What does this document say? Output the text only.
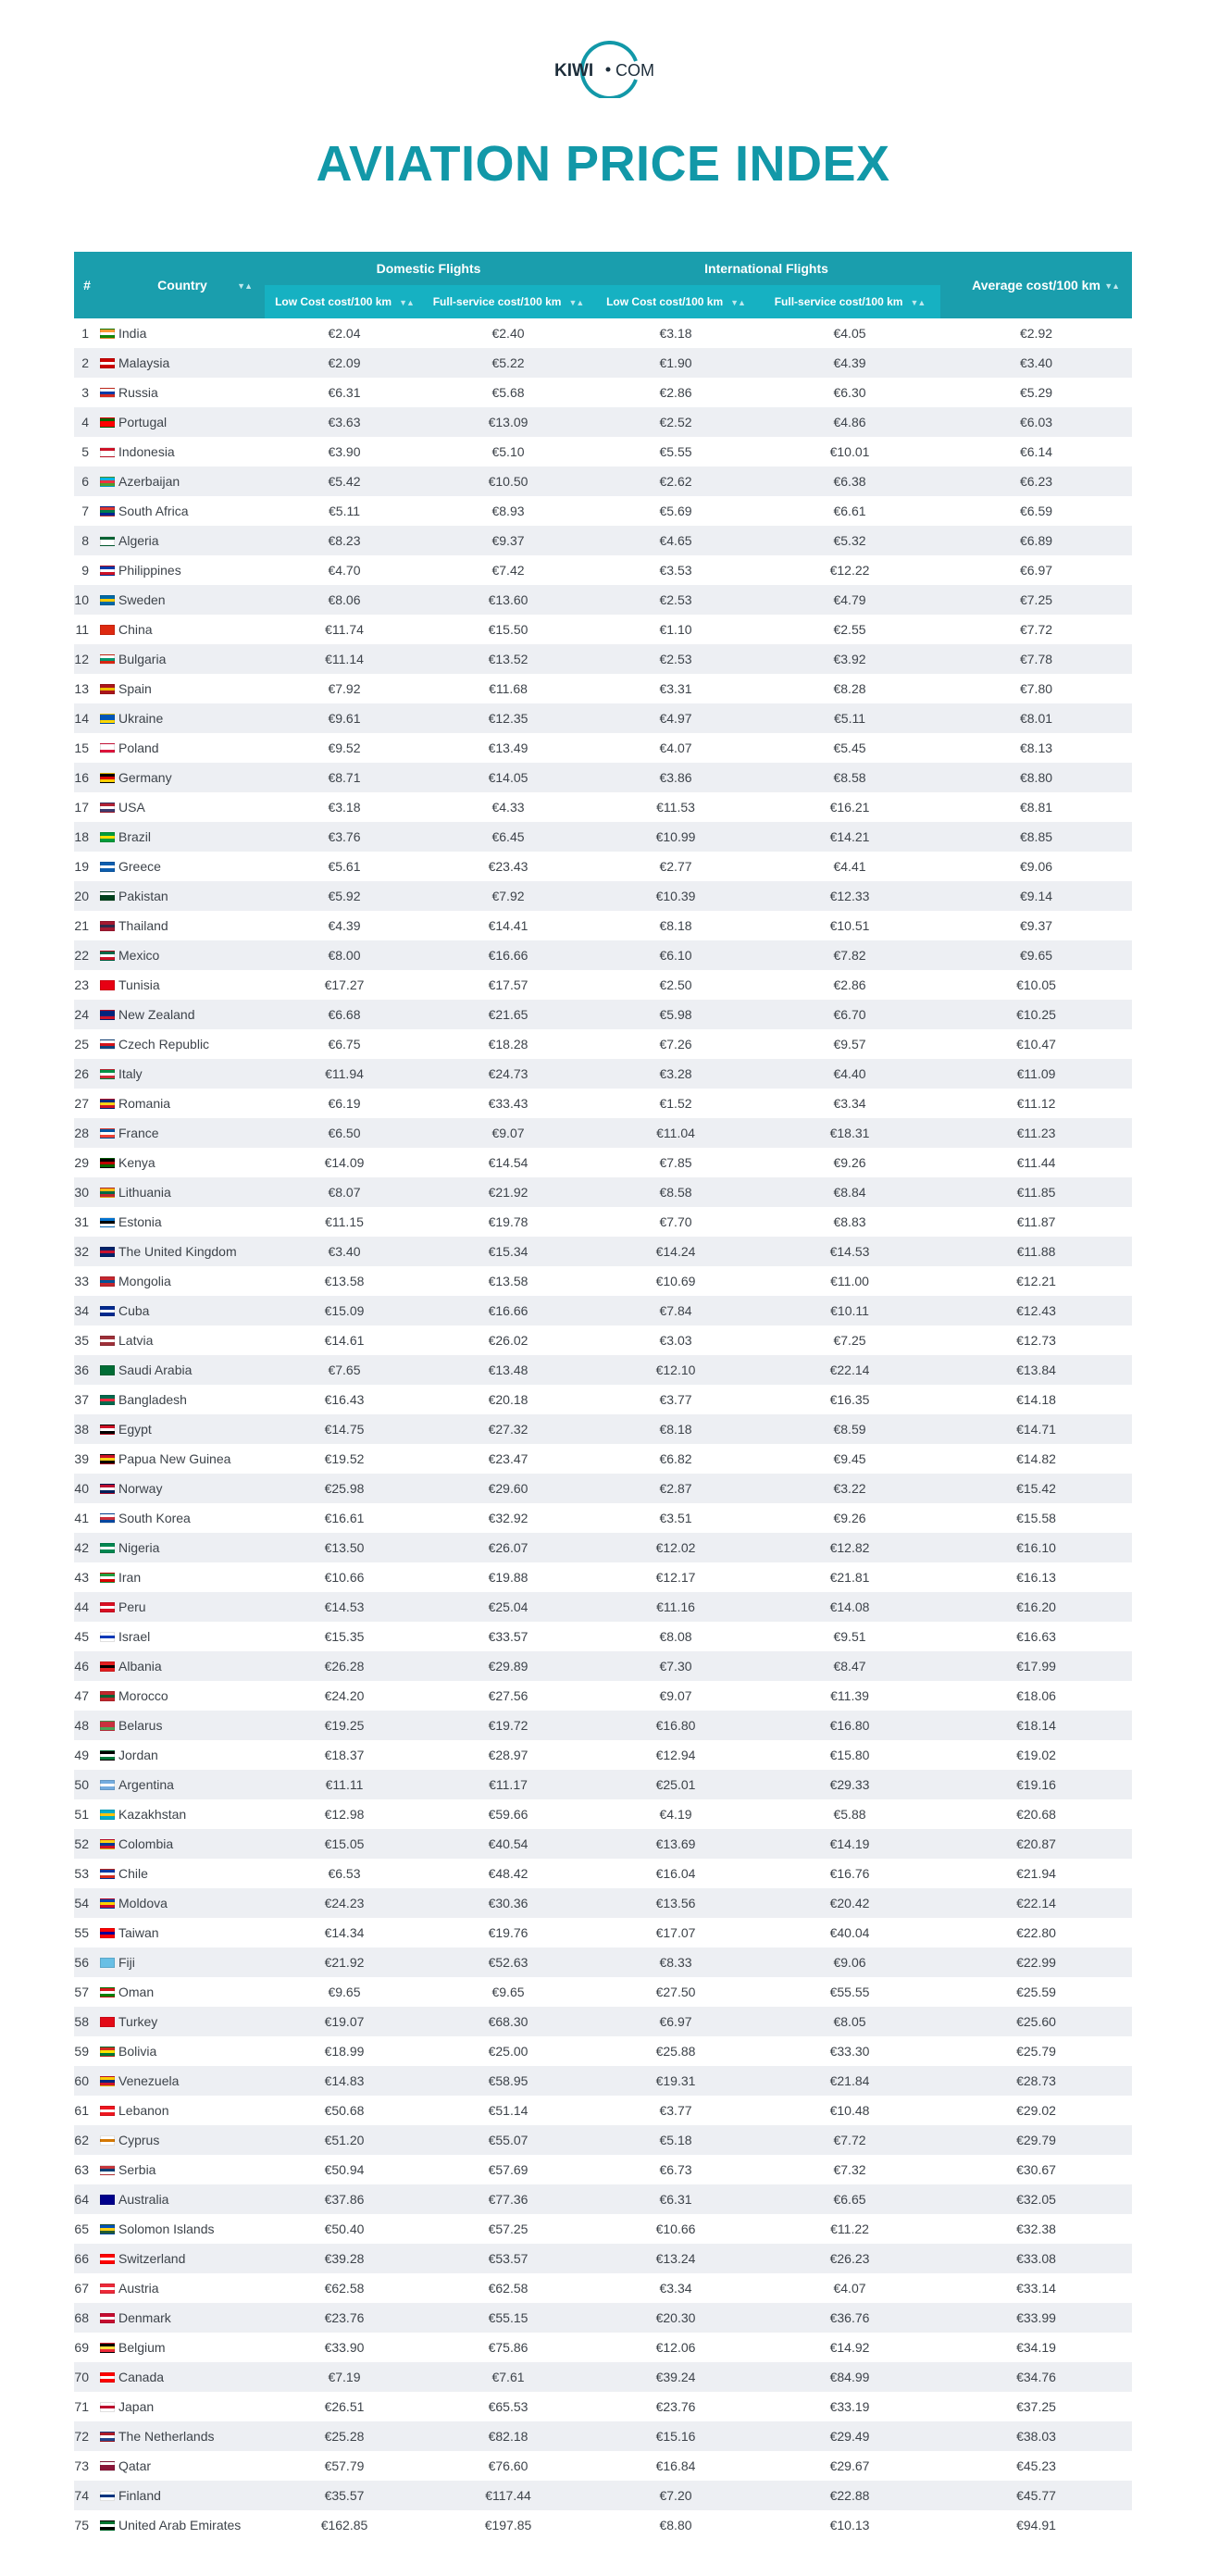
KIWI COM
AVIATION PRICE INDEX
#	Country ▼▲	Domestic Flights		International Flights		Average cost/100 km ▼▲

		Low Cost cost/100 km ▼▲	Full-service cost/100 km ▼▲	Low Cost cost/100 km ▼▲	Full-service cost/100 km ▼▲	
1	India	€2.04	€2.40	€3.18	€4.05	€2.92
2	Malaysia	€2.09	€5.22	€1.90	€4.39	€3.40
3	Russia	€6.31	€5.68	€2.86	€6.30	€5.29
4	Portugal	€3.63	€13.09	€2.52	€4.86	€6.03
5	Indonesia	€3.90	€5.10	€5.55	€10.01	€6.14
6	Azerbaijan	€5.42	€10.50	€2.62	€6.38	€6.23
7	South Africa	€5.11	€8.93	€5.69	€6.61	€6.59
8	Algeria	€8.23	€9.37	€4.65	€5.32	€6.89
9	Philippines	€4.70	€7.42	€3.53	€12.22	€6.97
10	Sweden	€8.06	€13.60	€2.53	€4.79	€7.25
11	China	€11.74	€15.50	€1.10	€2.55	€7.72
12	Bulgaria	€11.14	€13.52	€2.53	€3.92	€7.78
13	Spain	€7.92	€11.68	€3.31	€8.28	€7.80
14	Ukraine	€9.61	€12.35	€4.97	€5.11	€8.01
15	Poland	€9.52	€13.49	€4.07	€5.45	€8.13
16	Germany	€8.71	€14.05	€3.86	€8.58	€8.80
17	USA	€3.18	€4.33	€11.53	€16.21	€8.81
18	Brazil	€3.76	€6.45	€10.99	€14.21	€8.85
19	Greece	€5.61	€23.43	€2.77	€4.41	€9.06
20	Pakistan	€5.92	€7.92	€10.39	€12.33	€9.14
21	Thailand	€4.39	€14.41	€8.18	€10.51	€9.37
22	Mexico	€8.00	€16.66	€6.10	€7.82	€9.65
23	Tunisia	€17.27	€17.57	€2.50	€2.86	€10.05
24	New Zealand	€6.68	€21.65	€5.98	€6.70	€10.25
25	Czech Republic	€6.75	€18.28	€7.26	€9.57	€10.47
26	Italy	€11.94	€24.73	€3.28	€4.40	€11.09
27	Romania	€6.19	€33.43	€1.52	€3.34	€11.12
28	France	€6.50	€9.07	€11.04	€18.31	€11.23
29	Kenya	€14.09	€14.54	€7.85	€9.26	€11.44
30	Lithuania	€8.07	€21.92	€8.58	€8.84	€11.85
31	Estonia	€11.15	€19.78	€7.70	€8.83	€11.87
32	The United Kingdom	€3.40	€15.34	€14.24	€14.53	€11.88
33	Mongolia	€13.58	€13.58	€10.69	€11.00	€12.21
34	Cuba	€15.09	€16.66	€7.84	€10.11	€12.43
35	Latvia	€14.61	€26.02	€3.03	€7.25	€12.73
36	Saudi Arabia	€7.65	€13.48	€12.10	€22.14	€13.84
37	Bangladesh	€16.43	€20.18	€3.77	€16.35	€14.18
38	Egypt	€14.75	€27.32	€8.18	€8.59	€14.71
39	Papua New Guinea	€19.52	€23.47	€6.82	€9.45	€14.82
40	Norway	€25.98	€29.60	€2.87	€3.22	€15.42
41	South Korea	€16.61	€32.92	€3.51	€9.26	€15.58
42	Nigeria	€13.50	€26.07	€12.02	€12.82	€16.10
43	Iran	€10.66	€19.88	€12.17	€21.81	€16.13
44	Peru	€14.53	€25.04	€11.16	€14.08	€16.20
45	Israel	€15.35	€33.57	€8.08	€9.51	€16.63
46	Albania	€26.28	€29.89	€7.30	€8.47	€17.99
47	Morocco	€24.20	€27.56	€9.07	€11.39	€18.06
48	Belarus	€19.25	€19.72	€16.80	€16.80	€18.14
49	Jordan	€18.37	€28.97	€12.94	€15.80	€19.02
50	Argentina	€11.11	€11.17	€25.01	€29.33	€19.16
51	Kazakhstan	€12.98	€59.66	€4.19	€5.88	€20.68
52	Colombia	€15.05	€40.54	€13.69	€14.19	€20.87
53	Chile	€6.53	€48.42	€16.04	€16.76	€21.94
54	Moldova	€24.23	€30.36	€13.56	€20.42	€22.14
55	Taiwan	€14.34	€19.76	€17.07	€40.04	€22.80
56	Fiji	€21.92	€52.63	€8.33	€9.06	€22.99
57	Oman	€9.65	€9.65	€27.50	€55.55	€25.59
58	Turkey	€19.07	€68.30	€6.97	€8.05	€25.60
59	Bolivia	€18.99	€25.00	€25.88	€33.30	€25.79
60	Venezuela	€14.83	€58.95	€19.31	€21.84	€28.73
61	Lebanon	€50.68	€51.14	€3.77	€10.48	€29.02
62	Cyprus	€51.20	€55.07	€5.18	€7.72	€29.79
63	Serbia	€50.94	€57.69	€6.73	€7.32	€30.67
64	Australia	€37.86	€77.36	€6.31	€6.65	€32.05
65	Solomon Islands	€50.40	€57.25	€10.66	€11.22	€32.38
66	Switzerland	€39.28	€53.57	€13.24	€26.23	€33.08
67	Austria	€62.58	€62.58	€3.34	€4.07	€33.14
68	Denmark	€23.76	€55.15	€20.30	€36.76	€33.99
69	Belgium	€33.90	€75.86	€12.06	€14.92	€34.19
70	Canada	€7.19	€7.61	€39.24	€84.99	€34.76
71	Japan	€26.51	€65.53	€23.76	€33.19	€37.25
72	The Netherlands	€25.28	€82.18	€15.16	€29.49	€38.03
73	Qatar	€57.79	€76.60	€16.84	€29.67	€45.23
74	Finland	€35.57	€117.44	€7.20	€22.88	€45.77
75	United Arab Emirates	€162.85	€197.85	€8.80	€10.13	€94.91
